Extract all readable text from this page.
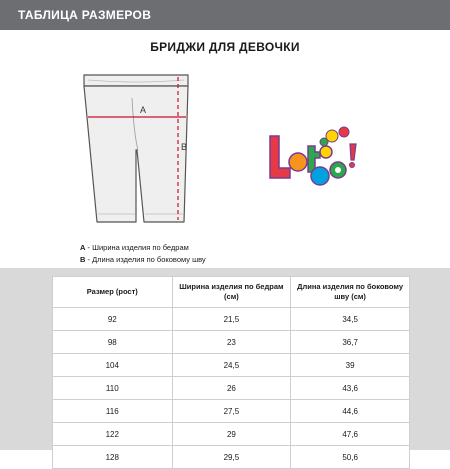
ТАБЛИЦА РАЗМЕРОВ
БРИДЖИ ДЛЯ ДЕВОЧКИ
A
B
A - Ширина изделия по бедрам
B - Длина изделия по боковому шву
Размер (рост)	Ширина изделия по бедрам (см)	Длина изделия по боковому шву (см)
92	21,5	34,5
98	23	36,7
104	24,5	39
110	26	43,6
116	27,5	44,6
122	29	47,6
128	29,5	50,6
